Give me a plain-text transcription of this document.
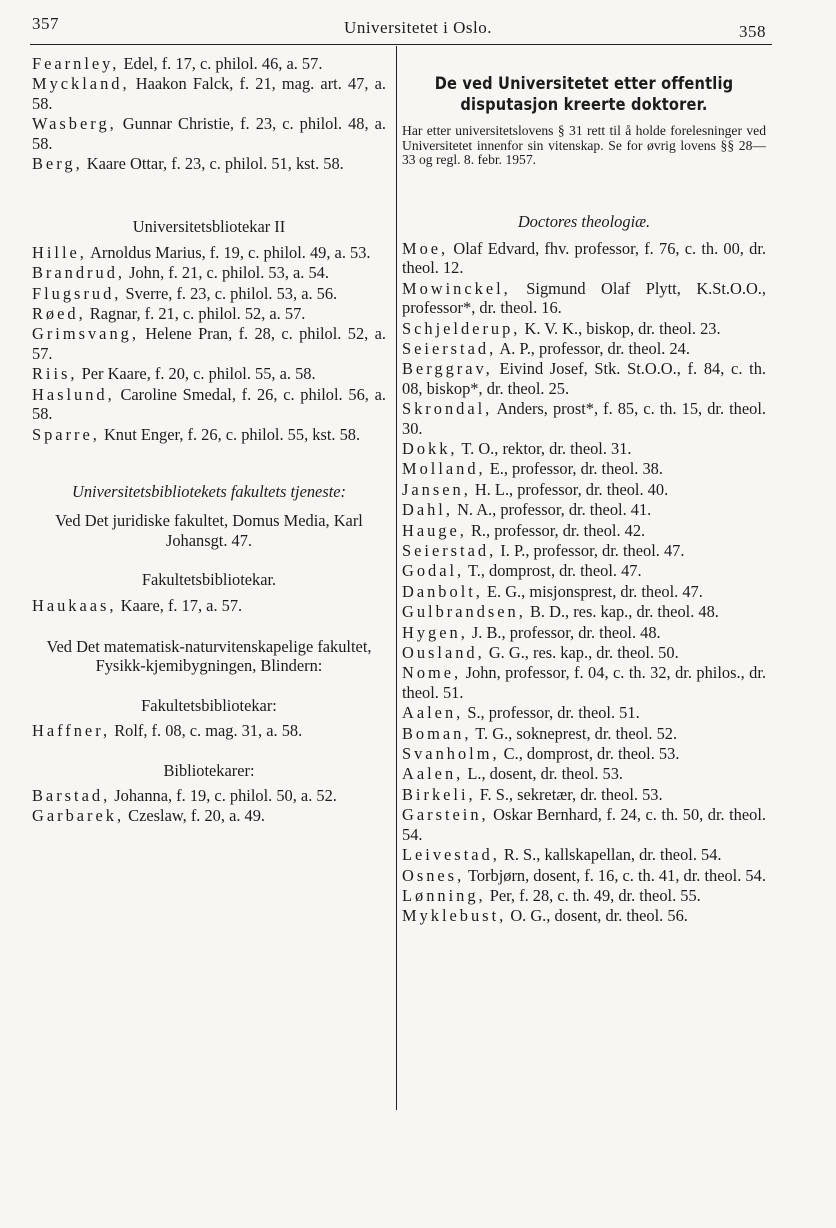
357	Universitetet i Oslo.	358

Fearnley, Edel, f. 17, c. philol. 46, a. 57.

Myckland, Haakon Falck, f. 21, mag. art. 47, a. 58.

Wasberg, Gunnar Christie, f. 23, c. philol. 48, a. 58.

Berg, Kaare Ottar, f. 23, c. philol. 51, kst. 58.

Universitetsbliotekar II

Hille, Arnoldus Marius, f. 19, c. philol. 49, a. 53.

Brandrud, John, f. 21, c. philol. 53, a. 54.

Flugsrud, Sverre, f. 23, c. philol. 53, a. 56.

Røed, Ragnar, f. 21, c. philol. 52, a. 57.

Grimsvang, Helene Pran, f. 28, c. philol. 52, a. 57.

Riis, Per Kaare, f. 20, c. philol. 55, a. 58.

Haslund, Caroline Smedal, f. 26, c. philol. 56, a. 58.

Sparre, Knut Enger, f. 26, c. philol. 55, kst. 58.

Universitetsbibliotekets fakultets tjeneste:

Ved Det juridiske fakultet, Domus Media, Karl Johansgt. 47.

Fakultetsbibliotekar.

Haukaas, Kaare, f. 17, a. 57.

Ved Det matematisk-naturvitenskapelige fakultet, Fysikk-kjemibygningen, Blindern:

Fakultetsbibliotekar:

Haffner, Rolf, f. 08, c. mag. 31, a. 58.

Bibliotekarer:

Barstad, Johanna, f. 19, c. philol. 50, a. 52.

Garbarek, Czeslaw, f. 20, a. 49.

De ved Universitetet etter offentlig disputasjon kreerte doktorer.

Har etter universitetslovens § 31 rett til å holde forelesninger ved Universitetet innenfor sin vitenskap. Se for øvrig lovens §§ 28—33 og regl. 8. febr. 1957.

Doctores theologiæ.

Moe, Olaf Edvard, fhv. professor, f. 76, c. th. 00, dr. theol. 12.

Mowinckel, Sigmund Olaf Plytt, K.St.O.O., professor*, dr. theol. 16.

Schjelderup, K. V. K., biskop, dr. theol. 23.

Seierstad, A. P., professor, dr. theol. 24.

Berggrav, Eivind Josef, Stk. St.O.O., f. 84, c. th. 08, biskop*, dr. theol. 25.

Skrondal, Anders, prost*, f. 85, c. th. 15, dr. theol. 30.

Dokk, T. O., rektor, dr. theol. 31.

Molland, E., professor, dr. theol. 38.

Jansen, H. L., professor, dr. theol. 40.

Dahl, N. A., professor, dr. theol. 41.

Hauge, R., professor, dr. theol. 42.

Seierstad, I. P., professor, dr. theol. 47.

Godal, T., domprost, dr. theol. 47.

Danbolt, E. G., misjonsprest, dr. theol. 47.

Gulbrandsen, B. D., res. kap., dr. theol. 48.

Hygen, J. B., professor, dr. theol. 48.

Ousland, G. G., res. kap., dr. theol. 50.

Nome, John, professor, f. 04, c. th. 32, dr. philos., dr. theol. 51.

Aalen, S., professor, dr. theol. 51.

Boman, T. G., sokneprest, dr. theol. 52.

Svanholm, C., domprost, dr. theol. 53.

Aalen, L., dosent, dr. theol. 53.

Birkeli, F. S., sekretær, dr. theol. 53.

Garstein, Oskar Bernhard, f. 24, c. th. 50, dr. theol. 54.

Leivestad, R. S., kallskapellan, dr. theol. 54.

Osnes, Torbjørn, dosent, f. 16, c. th. 41, dr. theol. 54.

Lønning, Per, f. 28, c. th. 49, dr. theol. 55.

Myklebust, O. G., dosent, dr. theol. 56.
